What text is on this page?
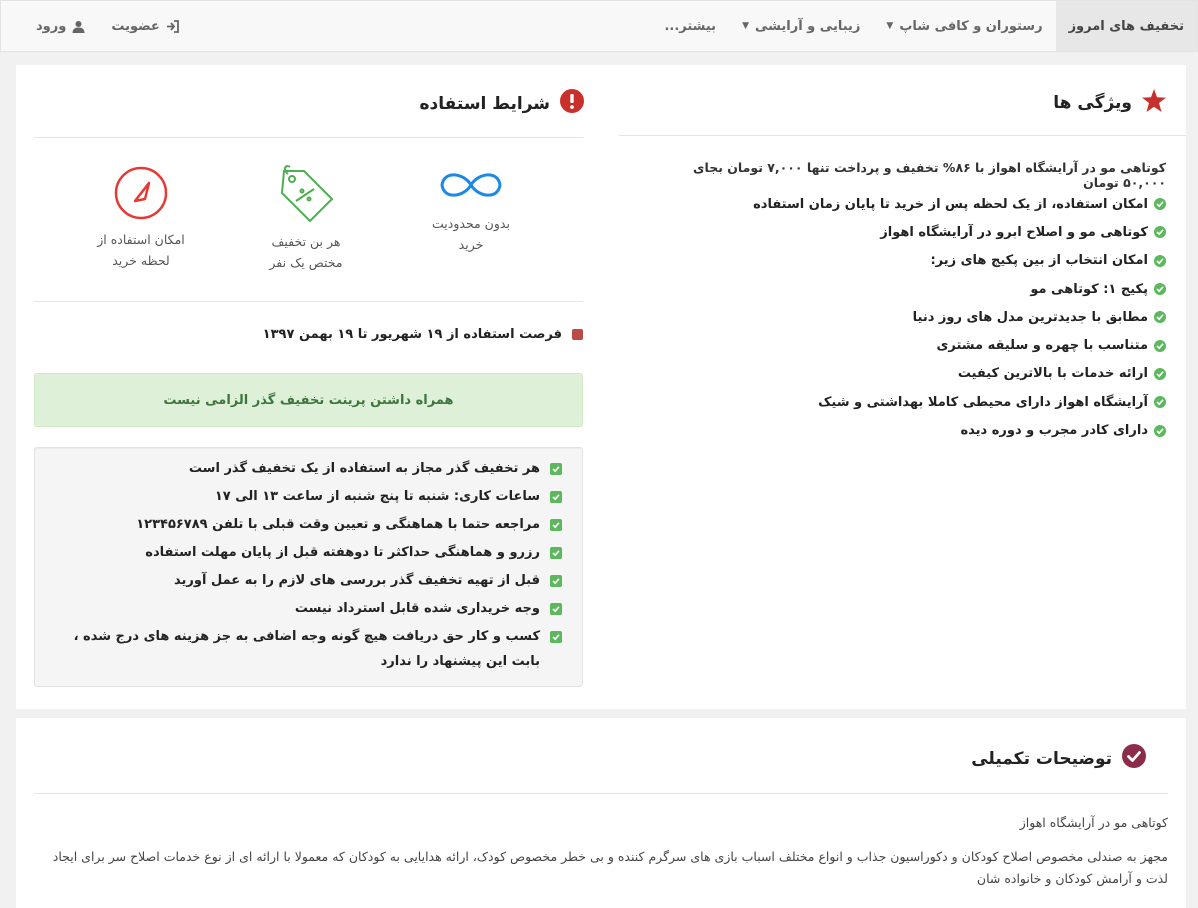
تخفیف های امروز
رستوران و کافی شاپ
▼
زیبایی و آرایشی
▼
بیشتر...
عضویت
ورود
ویژگی ها
کوتاهی مو در آرایشگاه اهواز با ۸۶% تخفیف و پرداخت تنها ۷,۰۰۰ تومان بجای ۵۰,۰۰۰ تومان
امکان استفاده، از یک لحظه پس از خرید تا پایان زمان استفاده
کوتاهی مو و اصلاح ابرو در آرایشگاه اهواز
امکان انتخاب از بین پکیج های زیر:
پکیج ۱: کوتاهی مو
مطابق با جدیدترین مدل های روز دنیا
متناسب با چهره و سلیقه مشتری
ارائه خدمات با بالاترین کیفیت
آرایشگاه اهواز دارای محیطی کاملا بهداشتی و شیک
دارای کادر مجرب و دوره دیده
شرایط استفاده
بدون محدودیت
خرید
هر بن تخفیف
مختص یک نفر
امکان استفاده از
لحظه خرید
فرصت استفاده از ۱۹ شهریور تا ۱۹ بهمن ۱۳۹۷
همراه داشتن پرینت تخفیف گذر الزامی نیست
هر تخفیف گذر مجاز به استفاده از یک تخفیف گذر است
ساعات کاری: شنبه تا پنج شنبه از ساعت ۱۳ الی ۱۷
مراجعه حتما با هماهنگی و تعیین وقت قبلی با تلفن ۱۲۳۴۵۶۷۸۹
رزرو و هماهنگی حداکثر تا دوهفته قبل از پایان مهلت استفاده
قبل از تهیه تخفیف گذر بررسی های لازم را به عمل آورید
وجه خریداری شده قابل استرداد نیست
کسب و کار حق دریافت هیچ گونه وجه اضافی به جز هزینه های درج شده ، بابت این پیشنهاد را ندارد
توضیحات تکمیلی
کوتاهی مو در آرایشگاه اهواز
مجهز به صندلی مخصوص اصلاح کودکان و دکوراسیون جذاب و انواع مختلف اسباب بازی های سرگرم کننده و بی خطر مخصوص کودک، ارائه هدایایی به کودکان که معمولا با ارائه ای از نوع خدمات اصلاح سر برای ایجاد لذت و آرامش کودکان و خانواده شان
